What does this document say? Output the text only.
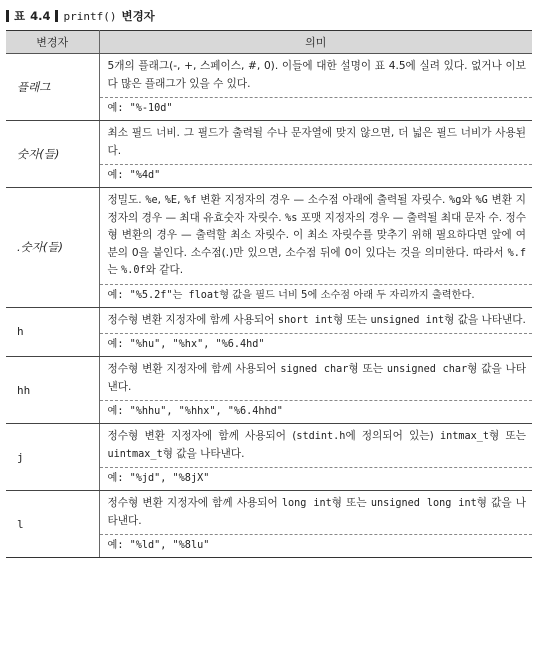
표 4.4 printf() 변경자
변경자	의미
플래그	5개의 플래그(-, +, 스페이스, #, 0). 이들에 대한 설명이 표 4.5에 실려 있다. 없거나 이보다 많은 플래그가 있을 수 있다.
예: "%-10d"

숫자(들)	최소 필드 너비. 그 필드가 출력될 수나 문자열에 맞지 않으면, 더 넓은 필드 너비가 사용된다.
예: "%4d"

.숫자(들)	정밀도. %e, %E, %f 변환 지정자의 경우 — 소수점 아래에 출력될 자릿수. %g와 %G 변환 지정자의 경우 — 최대 유효숫자 자릿수. %s 포맷 지정자의 경우 — 출력될 최대 문자 수. 정수형 변환의 경우 — 출력할 최소 자릿수. 이 최소 자릿수를 맞추기 위해 필요하다면 앞에 여분의 0을 붙인다. 소수점(.)만 있으면, 소수점 뒤에 0이 있다는 것을 의미한다. 따라서 %.f는 %.0f와 같다.
예: "%5.2f"는 float형 값을 필드 너비 5에 소수점 아래 두 자리까지 출력한다.

h	정수형 변환 지정자에 함께 사용되어 short int형 또는 unsigned int형 값을 나타낸다.
예: "%hu", "%hx", "%6.4hd"

hh	정수형 변환 지정자에 함께 사용되어 signed char형 또는 unsigned char형 값을 나타낸다.
예: "%hhu", "%hhx", "%6.4hhd"

j	정수형 변환 지정자에 함께 사용되어 (stdint.h에 정의되어 있는) intmax_t형 또는 uintmax_t형 값을 나타낸다.
예: "%jd", "%8jX"

l	정수형 변환 지정자에 함께 사용되어 long int형 또는 unsigned long int형 값을 나타낸다.
예: "%ld", "%8lu"
